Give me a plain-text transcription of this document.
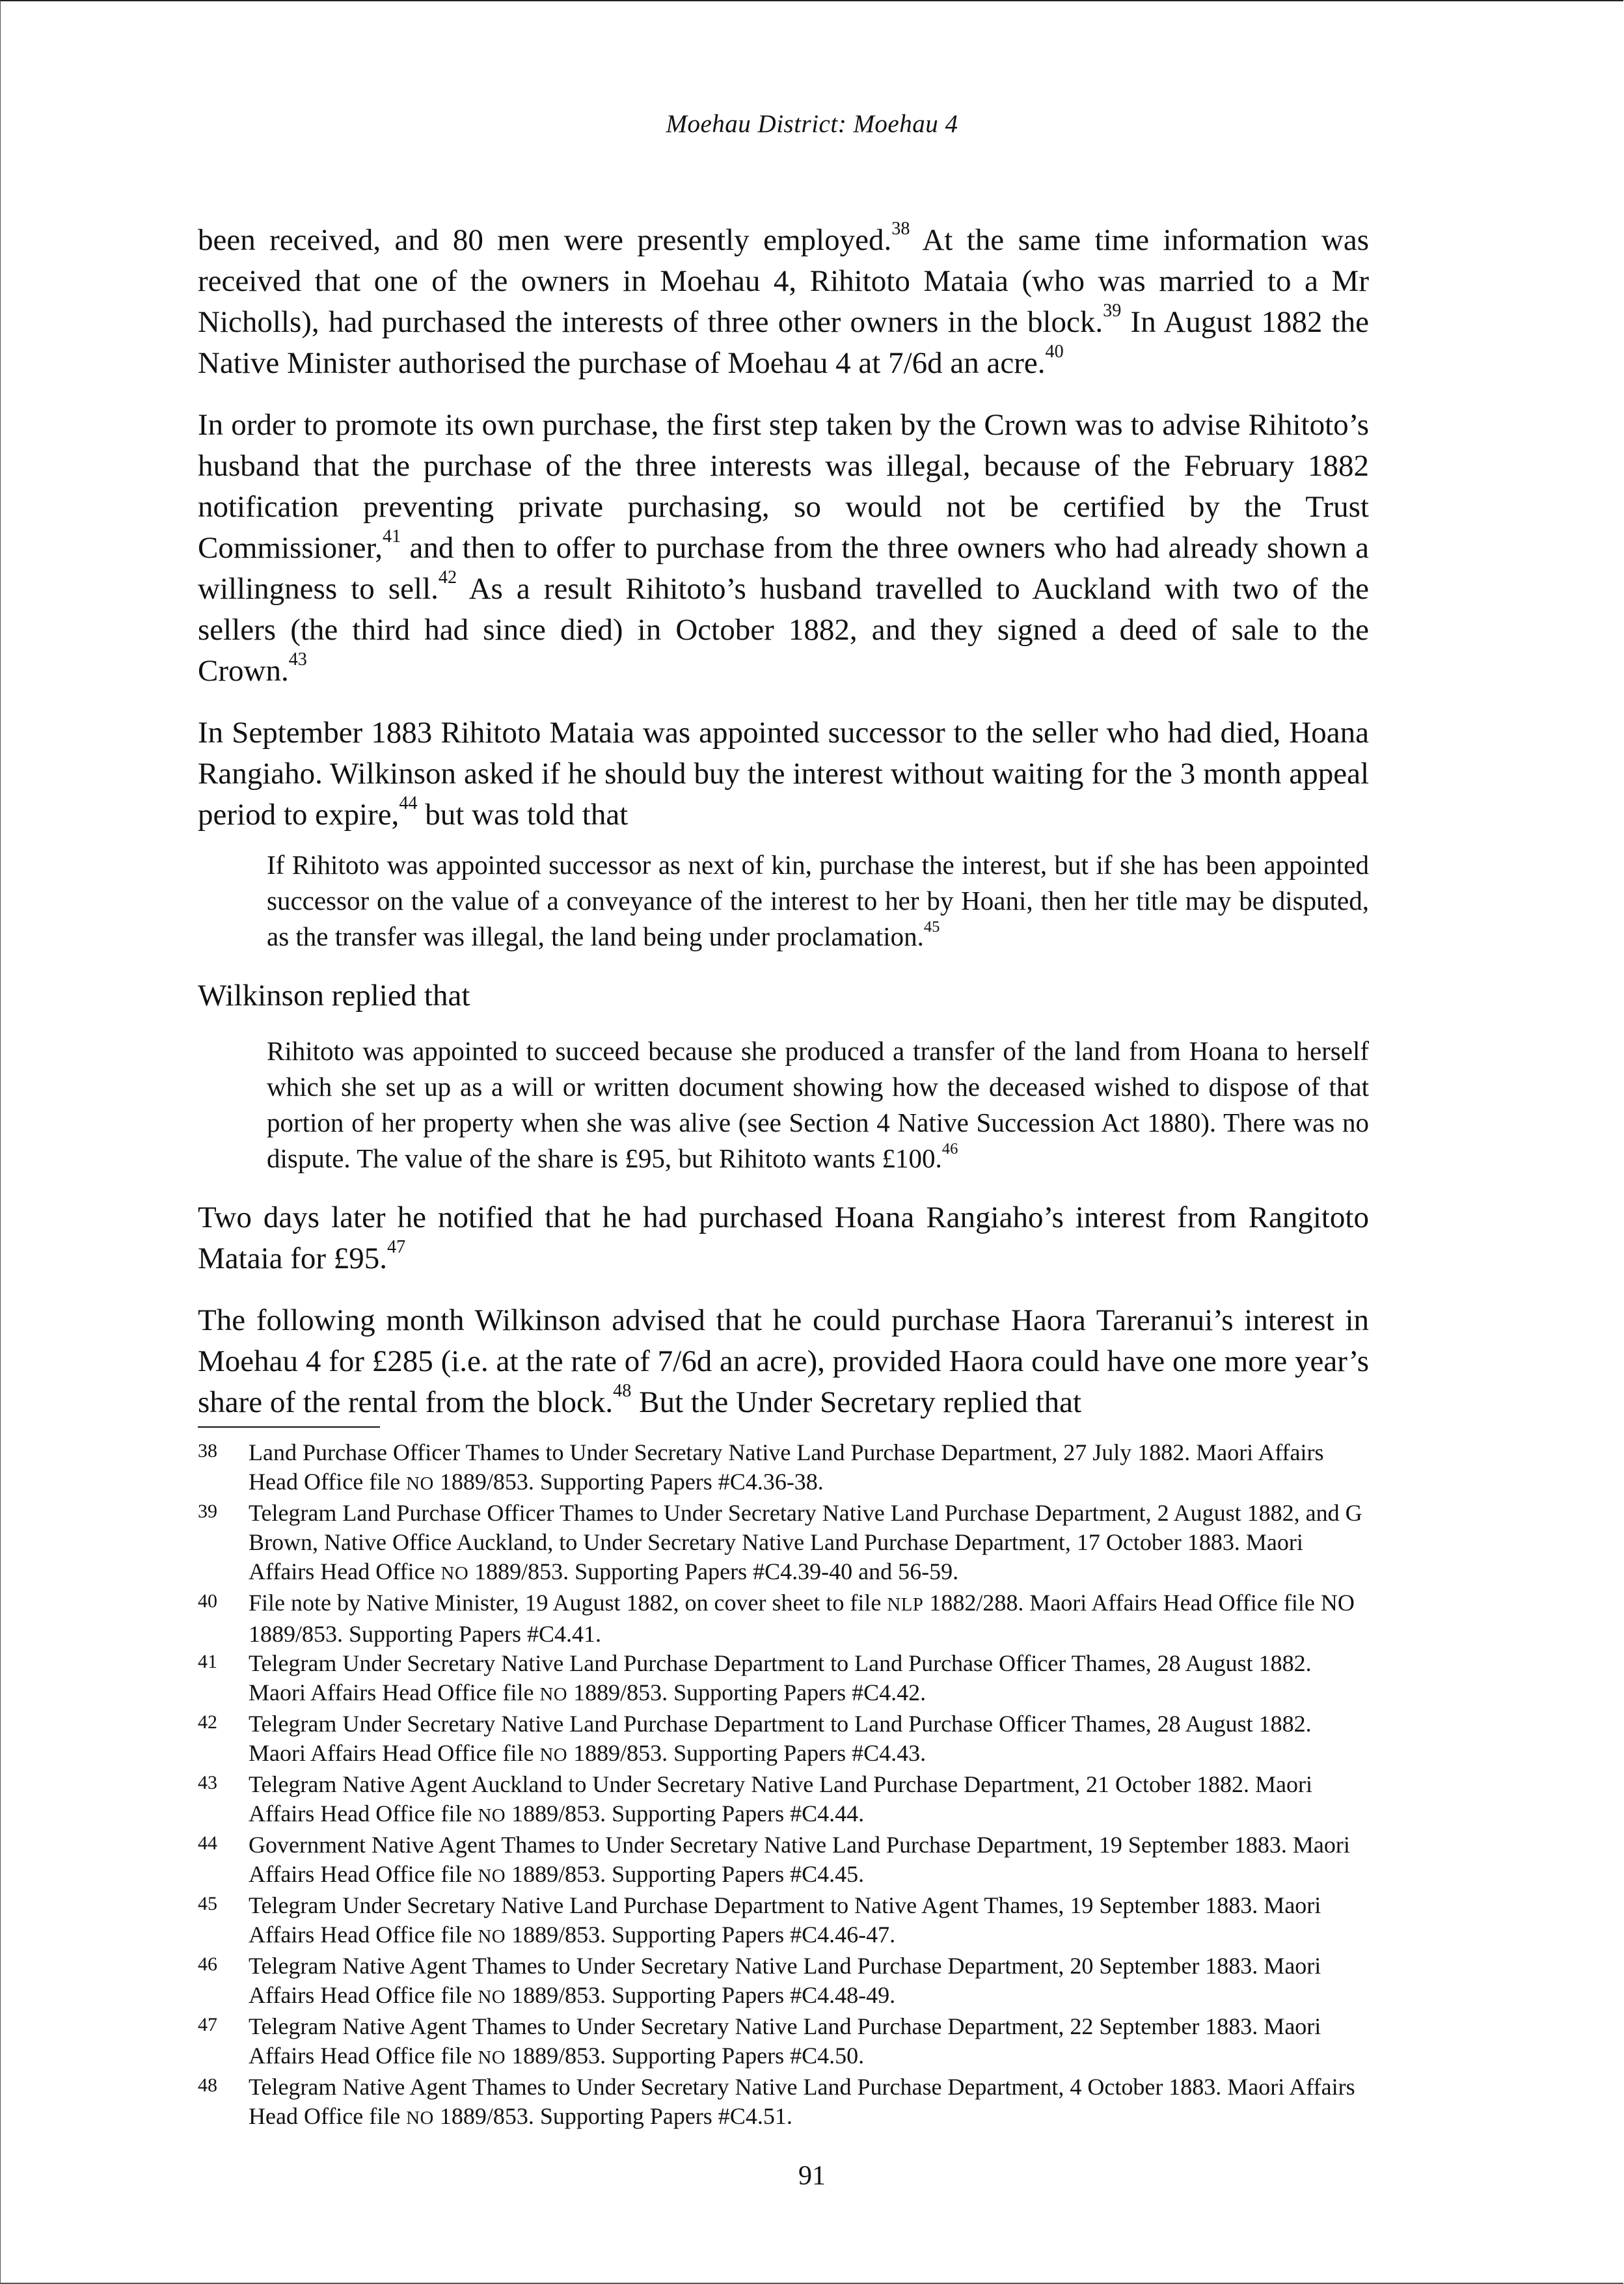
Moehau District: Moehau 4

been received, and 80 men were presently employed.$^{38}$ At the same time information was received that one of the owners in Moehau 4, Rihitoto Mataia (who was married to a Mr Nicholls), had purchased the interests of three other owners in the block.$^{39}$ In August 1882 the Native Minister authorised the purchase of Moehau 4 at 7/6d an acre.$^{40}$

In order to promote its own purchase, the first step taken by the Crown was to advise Rihitoto’s husband that the purchase of the three interests was illegal, because of the February 1882 notification preventing private purchasing, so would not be certified by the Trust Commissioner,$^{41}$ and then to offer to purchase from the three owners who had already shown a willingness to sell.$^{42}$ As a result Rihitoto’s husband travelled to Auckland with two of the sellers (the third had since died) in October 1882, and they signed a deed of sale to the Crown.$^{43}$

In September 1883 Rihitoto Mataia was appointed successor to the seller who had died, Hoana Rangiaho. Wilkinson asked if he should buy the interest without waiting for the 3 month appeal period to expire,$^{44}$ but was told that

If Rihitoto was appointed successor as next of kin, purchase the interest, but if she has been appointed successor on the value of a conveyance of the interest to her by Hoani, then her title may be disputed, as the transfer was illegal, the land being under proclamation.$^{45}$

Wilkinson replied that

Rihitoto was appointed to succeed because she produced a transfer of the land from Hoana to herself which she set up as a will or written document showing how the deceased wished to dispose of that portion of her property when she was alive (see Section 4 Native Succession Act 1880). There was no dispute. The value of the share is £95, but Rihitoto wants £100.46

Two days later he notified that he had purchased Hoana Rangiaho’s interest from Rangitoto Mataia for £95.47

The following month Wilkinson advised that he could purchase Haora Tareranui’s interest in Moehau 4 for £285 (i.e. at the rate of 7/6d an acre), provided Haora could have one more year’s share of the rental from the block.$^{48}$ But the Under Secretary replied that

38	Land Purchase Officer Thames to Under Secretary Native Land Purchase Department, 27 July 1882. Maori Affairs Head Office file NO 1889/853. Supporting Papers #C4.36-38.
39	Telegram Land Purchase Officer Thames to Under Secretary Native Land Purchase Department, 2 August 1882, and G Brown, Native Office Auckland, to Under Secretary Native Land Purchase Department, 17 October 1883. Maori Affairs Head Office NO 1889/853. Supporting Papers #C4.39-40 and 56-59.
40	File note by Native Minister, 19 August 1882, on cover sheet to file NLP 1882/288. Maori Affairs Head Office file NO 1889/853. Supporting Papers #C4.41.
41	Telegram Under Secretary Native Land Purchase Department to Land Purchase Officer Thames, 28 August 1882. Maori Affairs Head Office file NO 1889/853. Supporting Papers #C4.42.
42	Telegram Under Secretary Native Land Purchase Department to Land Purchase Officer Thames, 28 August 1882. Maori Affairs Head Office file NO 1889/853. Supporting Papers #C4.43.
43	Telegram Native Agent Auckland to Under Secretary Native Land Purchase Department, 21 October 1882. Maori Affairs Head Office file NO 1889/853. Supporting Papers #C4.44.
44	Government Native Agent Thames to Under Secretary Native Land Purchase Department, 19 September 1883. Maori Affairs Head Office file NO 1889/853. Supporting Papers #C4.45.
45	Telegram Under Secretary Native Land Purchase Department to Native Agent Thames, 19 September 1883. Maori Affairs Head Office file NO 1889/853. Supporting Papers #C4.46-47.
46	Telegram Native Agent Thames to Under Secretary Native Land Purchase Department, 20 September 1883. Maori Affairs Head Office file NO 1889/853. Supporting Papers #C4.48-49.
47	Telegram Native Agent Thames to Under Secretary Native Land Purchase Department, 22 September 1883. Maori Affairs Head Office file NO 1889/853. Supporting Papers #C4.50.
48	Telegram Native Agent Thames to Under Secretary Native Land Purchase Department, 4 October 1883. Maori Affairs Head Office file NO 1889/853. Supporting Papers #C4.51.
91
